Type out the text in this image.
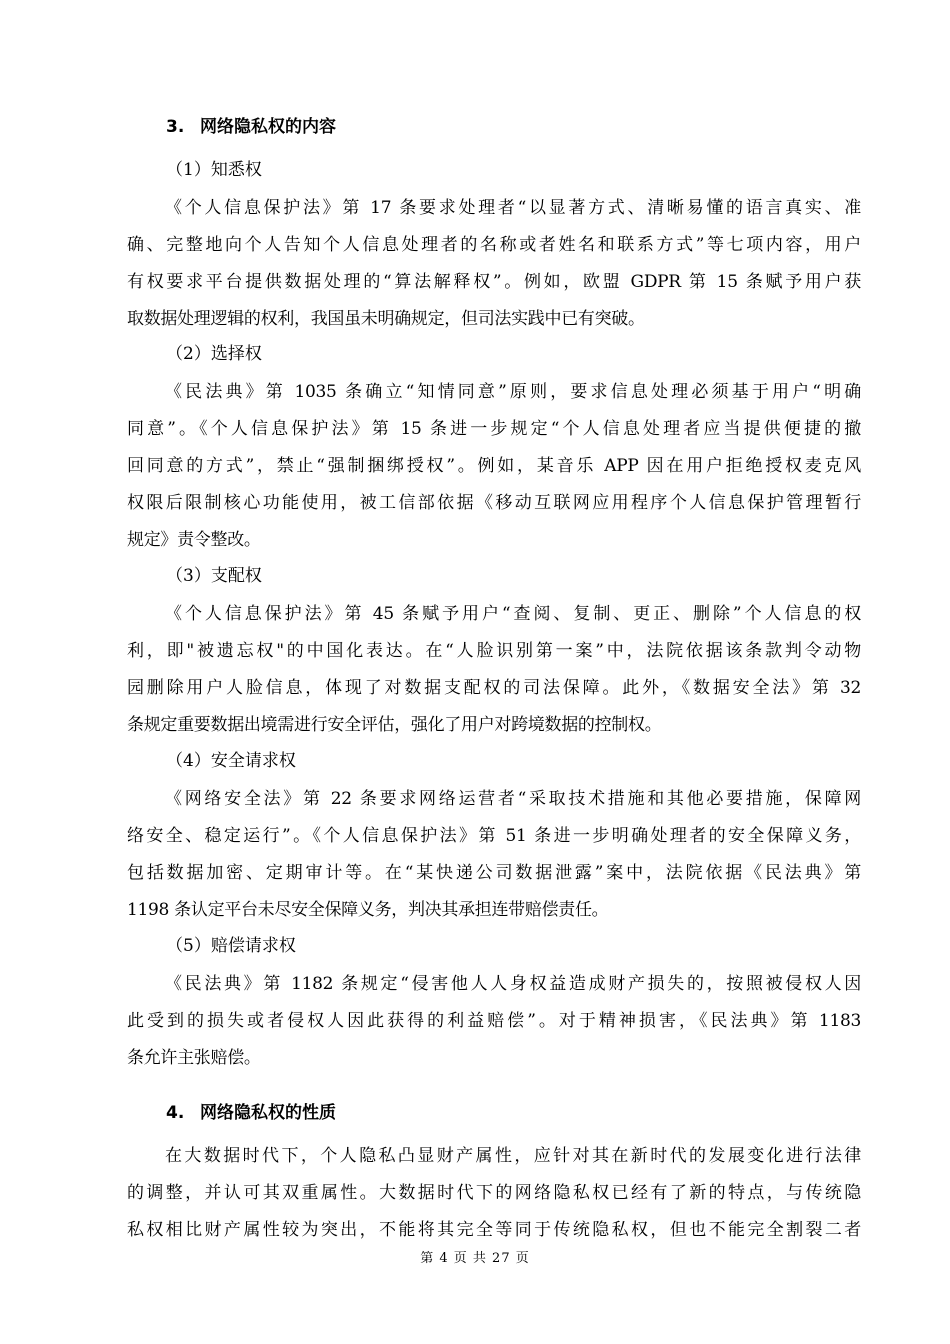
3. 网络隐私权的内容
（1）知悉权
《个人信息保护法》第 17 条要求处理者“以显著方式、清晰易懂的语言真实、准
确、完整地向个人告知个人信息处理者的名称或者姓名和联系方式”等七项内容，用户
有权要求平台提供数据处理的“算法解释权”。例如，欧盟 GDPR 第 15 条赋予用户获
取数据处理逻辑的权利，我国虽未明确规定，但司法实践中已有突破。
（2）选择权
《民法典》第 1035 条确立“知情同意”原则，要求信息处理必须基于用户“明确
同意”。《个人信息保护法》第 15 条进一步规定“个人信息处理者应当提供便捷的撤
回同意的方式”，禁止“强制捆绑授权”。例如，某音乐 APP 因在用户拒绝授权麦克风
权限后限制核心功能使用，被工信部依据《移动互联网应用程序个人信息保护管理暂行
规定》责令整改。
（3）支配权
《个人信息保护法》第 45 条赋予用户“查阅、复制、更正、删除”个人信息的权
利，即"被遗忘权"的中国化表达。在“人脸识别第一案”中，法院依据该条款判令动物
园删除用户人脸信息，体现了对数据支配权的司法保障。此外，《数据安全法》第 32
条规定重要数据出境需进行安全评估，强化了用户对跨境数据的控制权。
（4）安全请求权
《网络安全法》第 22 条要求网络运营者“采取技术措施和其他必要措施，保障网
络安全、稳定运行”。《个人信息保护法》第 51 条进一步明确处理者的安全保障义务，
包括数据加密、定期审计等。在“某快递公司数据泄露”案中，法院依据《民法典》第
1198 条认定平台未尽安全保障义务，判决其承担连带赔偿责任。
（5）赔偿请求权
《民法典》第 1182 条规定“侵害他人人身权益造成财产损失的，按照被侵权人因
此受到的损失或者侵权人因此获得的利益赔偿”。对于精神损害，《民法典》第 1183
条允许主张赔偿。
4. 网络隐私权的性质
在大数据时代下，个人隐私凸显财产属性，应针对其在新时代的发展变化进行法律
的调整，并认可其双重属性。大数据时代下的网络隐私权已经有了新的特点，与传统隐
私权相比财产属性较为突出，不能将其完全等同于传统隐私权，但也不能完全割裂二者
第 4 页 共 27 页
